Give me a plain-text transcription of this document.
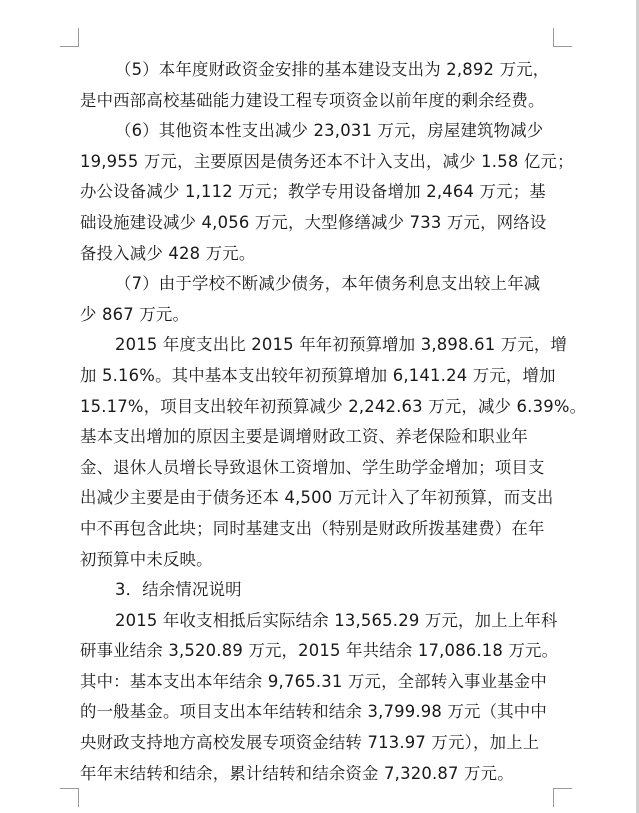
（5）本年度财政资金安排的基本建设支出为 2,892 万元，
是中西部高校基础能力建设工程专项资金以前年度的剩余经费。

（6）其他资本性支出减少 23,031 万元，房屋建筑物减少
19,955 万元，主要原因是债务还本不计入支出，减少 1.58 亿元；
办公设备减少 1,112 万元；教学专用设备增加 2,464 万元；基
础设施建设减少 4,056 万元，大型修缮减少 733 万元，网络设
备投入减少 428 万元。

（7）由于学校不断减少债务，本年债务利息支出较上年减
少 867 万元。

2015 年度支出比 2015 年年初预算增加 3,898.61 万元，增
加 5.16%。其中基本支出较年初预算增加 6,141.24 万元，增加
15.17%，项目支出较年初预算减少 2,242.63 万元，减少 6.39%。
基本支出增加的原因主要是调增财政工资、养老保险和职业年
金、退休人员增长导致退休工资增加、学生助学金增加；项目支
出减少主要是由于债务还本 4,500 万元计入了年初预算，而支出
中不再包含此块；同时基建支出（特别是财政所拨基建费）在年
初预算中未反映。

3．结余情况说明

2015 年收支相抵后实际结余 13,565.29 万元，加上上年科
研事业结余 3,520.89 万元，2015 年共结余 17,086.18 万元。
其中：基本支出本年结余 9,765.31 万元，全部转入事业基金中
的一般基金。项目支出本年结转和结余 3,799.98 万元（其中中
央财政支持地方高校发展专项资金结转 713.97 万元），加上上
年年末结转和结余，累计结转和结余资金 7,320.87 万元。
